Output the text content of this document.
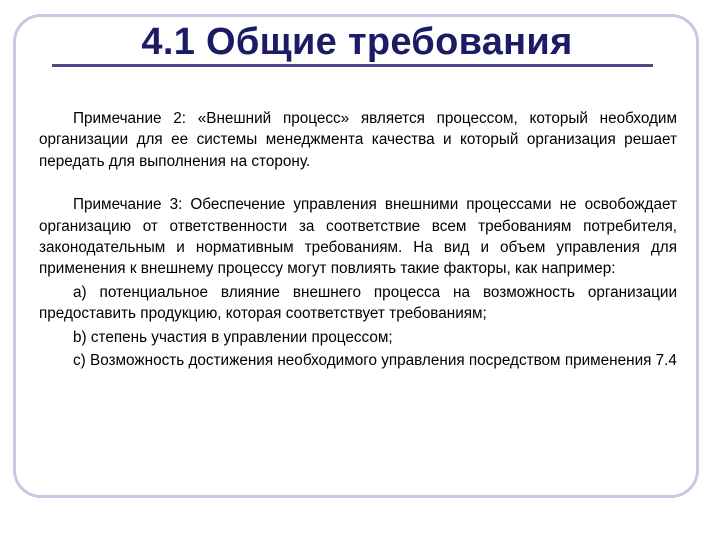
4.1 Общие требования

Примечание 2: «Внешний процесс» является процессом, который необходим организации для ее системы менеджмента качества и который организация решает передать для выполнения на сторону.

Примечание 3: Обеспечение управления внешними процессами не освобождает организацию от ответственности за соответствие всем требованиям потребителя, законодательным и нормативным требованиям. На вид и объем управления для применения к внешнему процессу могут повлиять такие факторы, как например:

а) потенциальное влияние внешнего процесса на возможность организации предоставить продукцию, которая соответствует требованиям;

b) степень участия в управлении процессом;

c) Возможность достижения необходимого управления посредством применения 7.4
